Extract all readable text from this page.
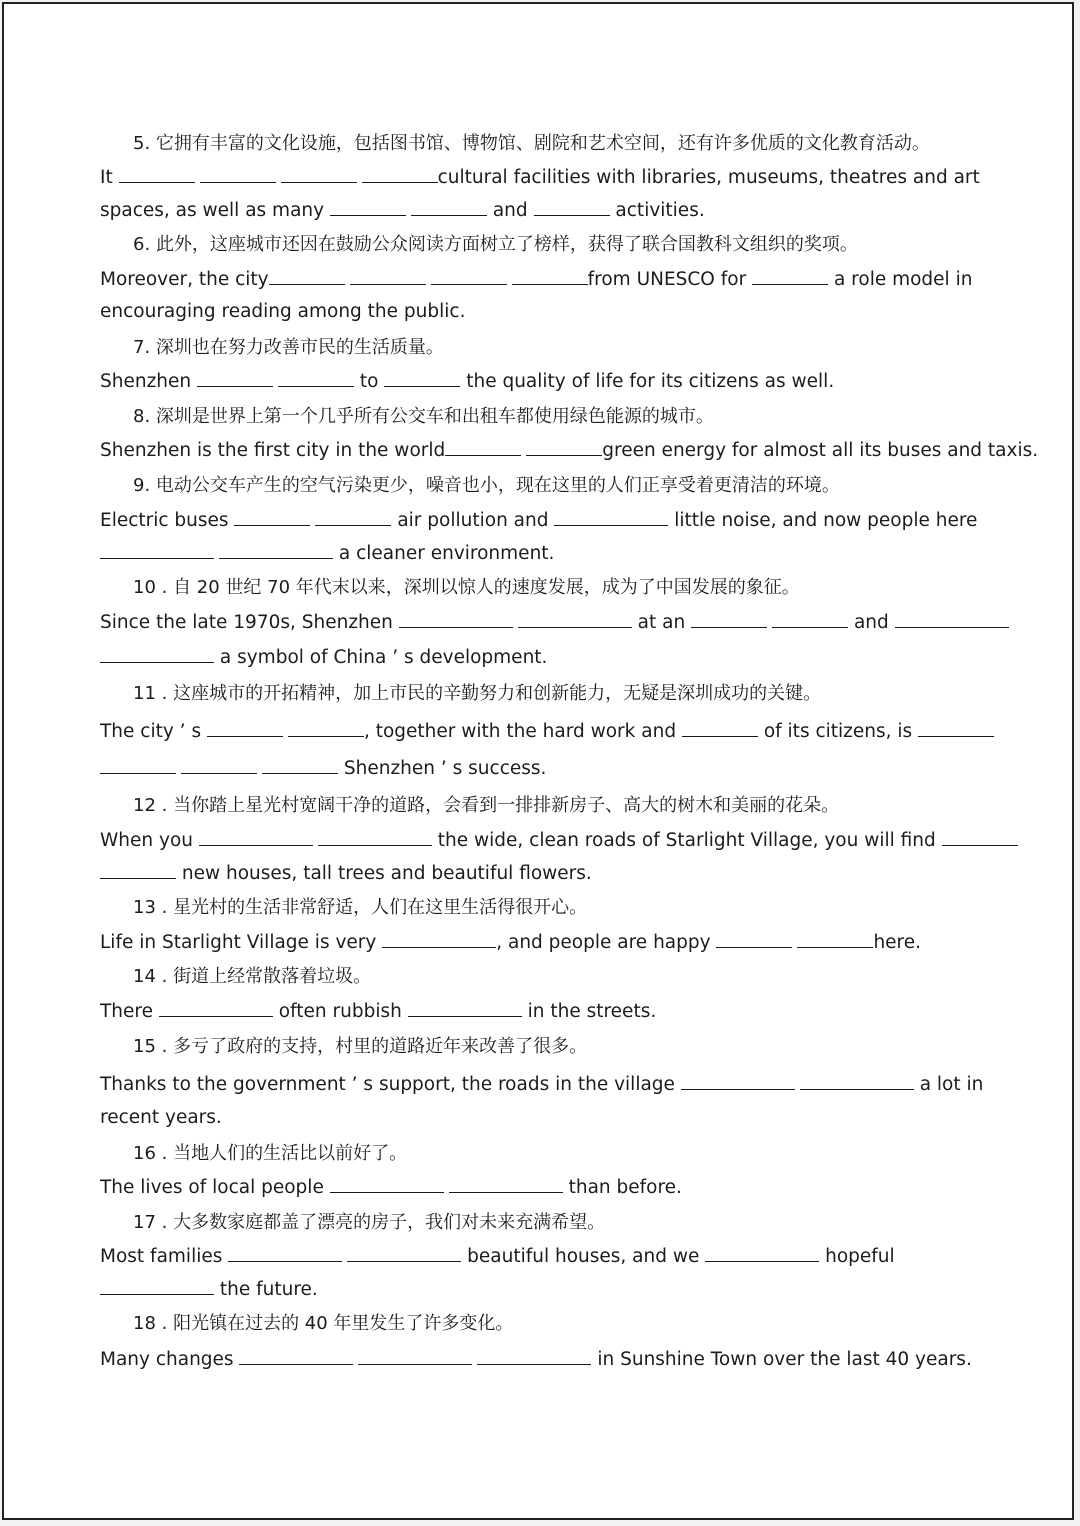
5. 它拥有丰富的文化设施，包括图书馆、博物馆、剧院和艺术空间，还有许多优质的文化教育活动。
It	cultural facilities with libraries, museums, theatres and art
spaces, as well as many	and	activities.
6. 此外，这座城市还因在鼓励公众阅读方面树立了榜样，获得了联合国教科文组织的奖项。
Moreover, the city	from UNESCO for	a role model in
encouraging reading among the public.
7. 深圳也在努力改善市民的生活质量。
Shenzhen	to	the quality of life for its citizens as well.
8. 深圳是世界上第一个几乎所有公交车和出租车都使用绿色能源的城市。
Shenzhen is the first city in the world	green energy for almost all its buses and taxis.
9. 电动公交车产生的空气污染更少，噪音也小，现在这里的人们正享受着更清洁的环境。
Electric buses	air pollution and	little noise, and now people here
a cleaner environment.
10 . 自 20 世纪 70 年代末以来，深圳以惊人的速度发展，成为了中国发展的象征。
Since the late 1970s, Shenzhen	at an	and
a symbol of China ’ s development.
11 . 这座城市的开拓精神，加上市民的辛勤努力和创新能力，无疑是深圳成功的关键。
The city ’ s	, together with the hard work and	of its citizens, is
Shenzhen ’ s success.
12 . 当你踏上星光村宽阔干净的道路，会看到一排排新房子、高大的树木和美丽的花朵。
When you	the wide, clean roads of Starlight Village, you will find
new houses, tall trees and beautiful flowers.
13 . 星光村的生活非常舒适，人们在这里生活得很开心。
Life in Starlight Village is very	, and people are happy	here.
14 . 街道上经常散落着垃圾。
There	often rubbish	in the streets.
15 . 多亏了政府的支持，村里的道路近年来改善了很多。
Thanks to the government ’ s support, the roads in the village	a lot in
recent years.
16 . 当地人们的生活比以前好了。
The lives of local people	than before.
17 . 大多数家庭都盖了漂亮的房子，我们对未来充满希望。
Most families	beautiful houses, and we	hopeful
the future.
18 . 阳光镇在过去的 40 年里发生了许多变化。
Many changes	in Sunshine Town over the last 40 years.
